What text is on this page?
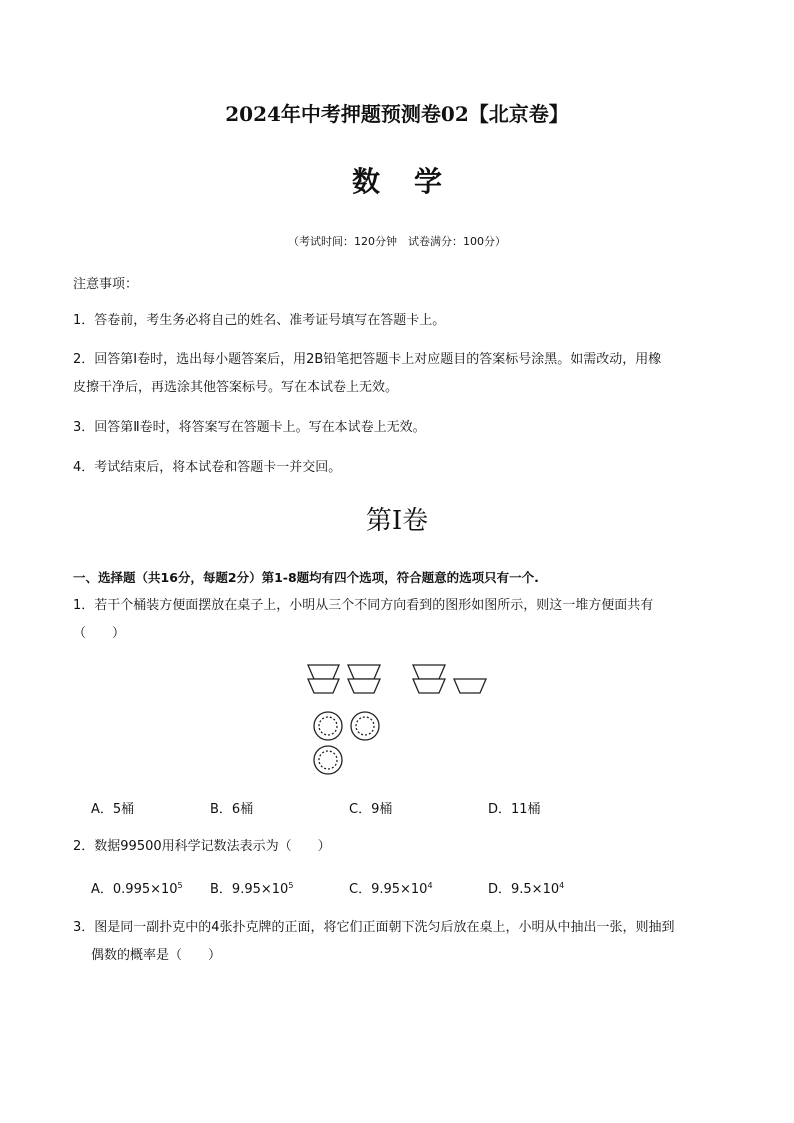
2024年中考押题预测卷02【北京卷】
数学
（考试时间：120分钟　试卷满分：100分）
注意事项：
1．答卷前，考生务必将自己的姓名、准考证号填写在答题卡上。
2．回答第Ⅰ卷时，选出每小题答案后，用2B铅笔把答题卡上对应题目的答案标号涂黑。如需改动，用橡
皮擦干净后，再选涂其他答案标号。写在本试卷上无效。
3．回答第Ⅱ卷时，将答案写在答题卡上。写在本试卷上无效。
4．考试结束后，将本试卷和答题卡一并交回。
第Ⅰ卷
一、选择题（共16分，每题2分）第1-8题均有四个选项，符合题意的选项只有一个.
1．若干个桶装方便面摆放在桌子上，小明从三个不同方向看到的图形如图所示，则这一堆方便面共有
（　　）
A．5桶	B．6桶	C．9桶	D．11桶
2．数据99500用科学记数法表示为（　　）
A．$0.995\times 10^5$ B．$9.95\times 10^5$	C．$9.95\times 10^4$	D．$9.5\times 10^4$
3．图是同一副扑克中的4张扑克牌的正面，将它们正面朝下洗匀后放在桌上，小明从中抽出一张，则抽到
偶数的概率是（　　）
